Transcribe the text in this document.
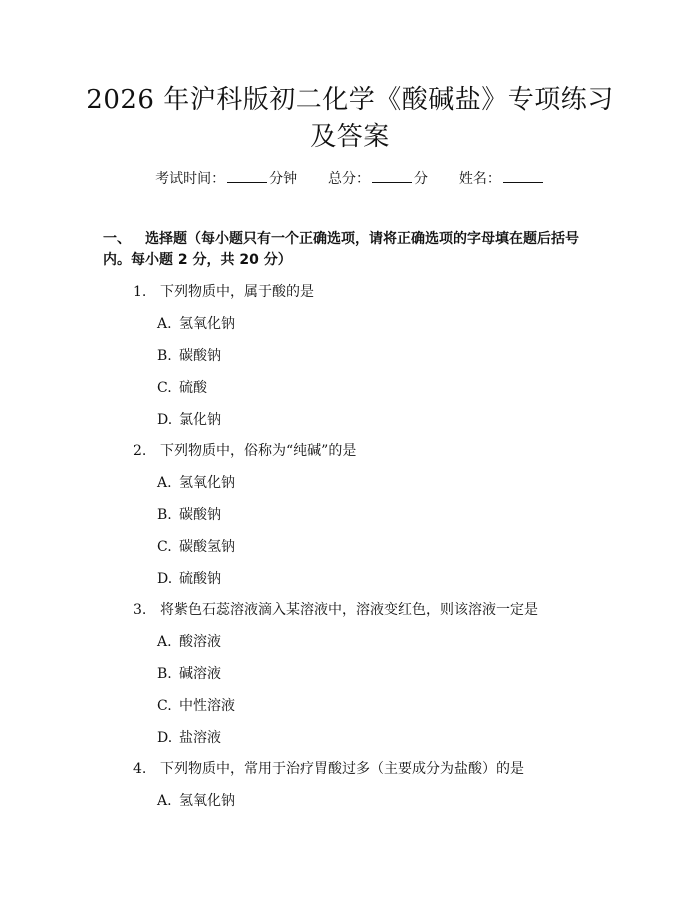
2026 年沪科版初二化学《酸碱盐》专项练习
及答案
考试时间：	分钟 总分：	分 姓名：
一、 选择题（每小题只有一个正确选项，请将正确选项的字母填在题后括号内。每小题 2 分，共 20 分）
1. 下列物质中，属于酸的是
A. 氢氧化钠
B. 碳酸钠
C. 硫酸
D. 氯化钠
2. 下列物质中，俗称为“纯碱”的是
A. 氢氧化钠
B. 碳酸钠
C. 碳酸氢钠
D. 硫酸钠
3. 将紫色石蕊溶液滴入某溶液中，溶液变红色，则该溶液一定是
A. 酸溶液
B. 碱溶液
C. 中性溶液
D. 盐溶液
4. 下列物质中，常用于治疗胃酸过多（主要成分为盐酸）的是
A. 氢氧化钠
